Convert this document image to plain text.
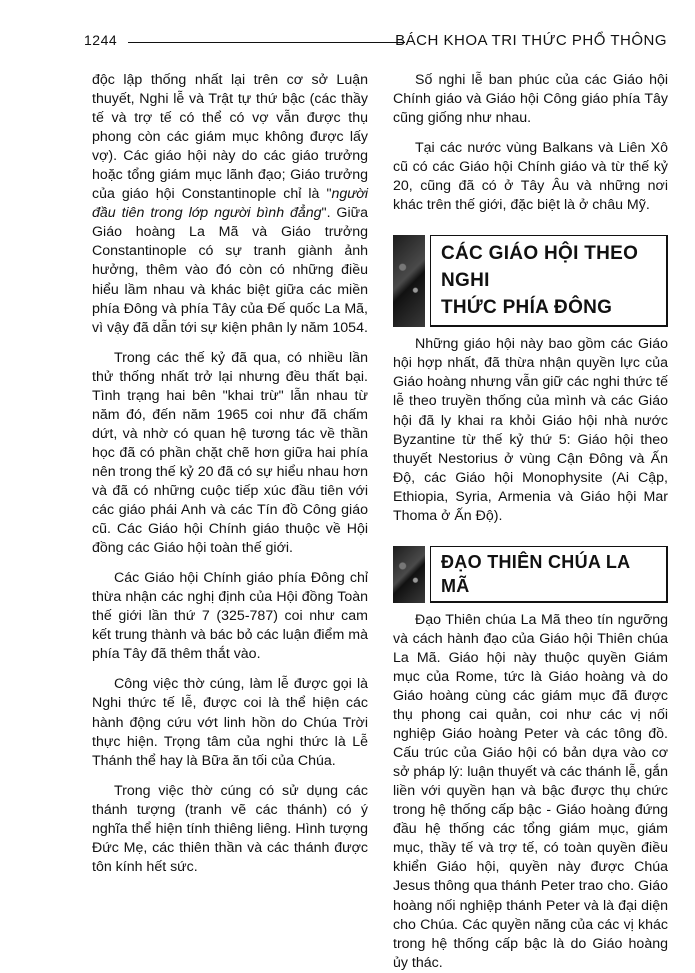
1244	BÁCH KHOA TRI THỨC PHỔ THÔNG

độc lập thống nhất lại trên cơ sở Luận thuyết, Nghi lễ và Trật tự thứ bậc (các thầy tế và trợ tế có thể có vợ vẫn được thụ phong còn các giám mục không được lấy vợ). Các giáo hội này do các giáo trưởng hoặc tổng giám mục lãnh đạo; Giáo trưởng của giáo hội Constantinople chỉ là "người đầu tiên trong lớp người bình đẳng". Giữa Giáo hoàng La Mã và Giáo trưởng Constantinople có sự tranh giành ảnh hưởng, thêm vào đó còn có những điều hiểu lầm nhau và khác biệt giữa các miền phía Đông và phía Tây của Đế quốc La Mã, vì vậy đã dẫn tới sự kiện phân ly năm 1054.

Trong các thế kỷ đã qua, có nhiều lần thử thống nhất trở lại nhưng đều thất bại. Tình trạng hai bên "khai trừ" lẫn nhau từ năm đó, đến năm 1965 coi như đã chấm dứt, và nhờ có quan hệ tương tác về thần học đã có phần chặt chẽ hơn giữa hai phía nên trong thế kỷ 20 đã có sự hiểu nhau hơn và đã có những cuộc tiếp xúc đầu tiên với các giáo phái Anh và các Tín đồ Công giáo cũ. Các Giáo hội Chính giáo thuộc về Hội đồng các Giáo hội toàn thế giới.

Các Giáo hội Chính giáo phía Đông chỉ thừa nhận các nghị định của Hội đồng Toàn thế giới lần thứ 7 (325-787) coi như cam kết trung thành và bác bỏ các luận điểm mà phía Tây đã thêm thắt vào.

Công việc thờ cúng, làm lễ được gọi là Nghi thức tế lễ, được coi là thể hiện các hành động cứu vớt linh hồn do Chúa Trời thực hiện. Trọng tâm của nghi thức là Lễ Thánh thể hay là Bữa ăn tối của Chúa.

Trong việc thờ cúng có sử dụng các thánh tượng (tranh vẽ các thánh) có ý nghĩa thể hiện tính thiêng liêng. Hình tượng Đức Mẹ, các thiên thần và các thánh được tôn kính hết sức.

Số nghi lễ ban phúc của các Giáo hội Chính giáo và Giáo hội Công giáo phía Tây cũng giống như nhau.

Tại các nước vùng Balkans và Liên Xô cũ có các Giáo hội Chính giáo và từ thế kỷ 20, cũng đã có ở Tây Âu và những nơi khác trên thế giới, đặc biệt là ở châu Mỹ.

CÁC GIÁO HỘI THEO NGHI
THỨC PHÍA ĐÔNG

Những giáo hội này bao gồm các Giáo hội hợp nhất, đã thừa nhận quyền lực của Giáo hoàng nhưng vẫn giữ các nghi thức tế lễ theo truyền thống của mình và các Giáo hội đã ly khai ra khỏi Giáo hội nhà nước Byzantine từ thế kỷ thứ 5: Giáo hội theo thuyết Nestorius ở vùng Cận Đông và Ấn Độ, các Giáo hội Monophysite (Ai Cập, Ethiopia, Syria, Armenia và Giáo hội Mar Thoma ở Ấn Độ).

ĐẠO THIÊN CHÚA LA MÃ

Đạo Thiên chúa La Mã theo tín ngưỡng và cách hành đạo của Giáo hội Thiên chúa La Mã. Giáo hội này thuộc quyền Giám mục của Rome, tức là Giáo hoàng và do Giáo hoàng cùng các giám mục đã được thụ phong cai quản, coi như các vị nối nghiệp Giáo hoàng Peter và các tông đồ. Cấu trúc của Giáo hội có bản dựa vào cơ sở pháp lý: luận thuyết và các thánh lễ, gắn liền với quyền hạn và bậc được thụ chức trong hệ thống cấp bậc - Giáo hoàng đứng đầu hệ thống các tổng giám mục, giám mục, thầy tế và trợ tế, có toàn quyền điều khiển Giáo hội, quyền này được Chúa Jesus thông qua thánh Peter trao cho. Giáo hoàng nối nghiệp thánh Peter và là đại diện cho Chúa. Các quyền năng của các vị khác trong hệ thống cấp bậc là do Giáo hoàng ủy thác.
